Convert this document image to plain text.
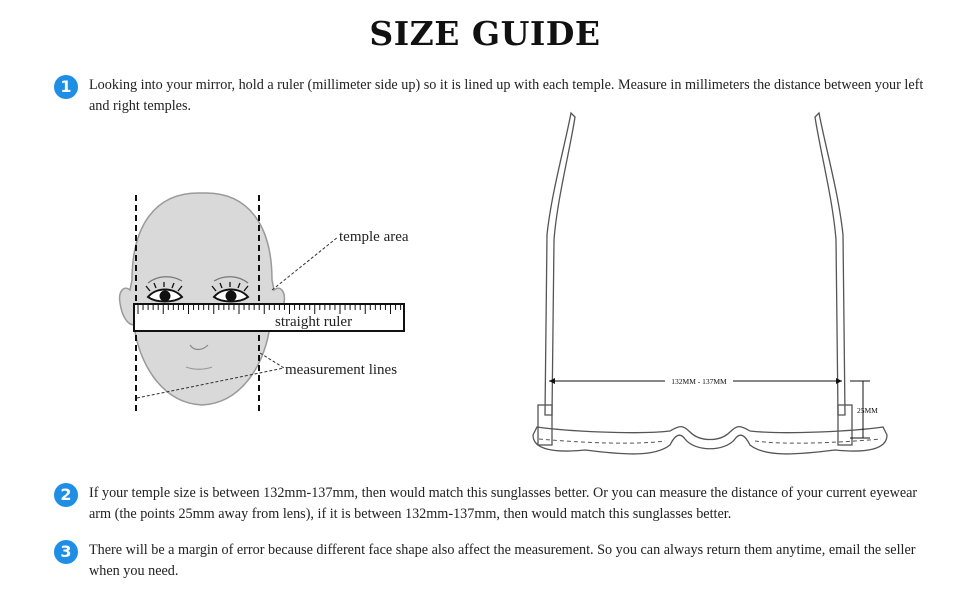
SIZE GUIDE
1	Looking into your mirror, hold a ruler (millimeter side up) so it is lined up with each temple. Measure in millimeters the distance between your left and right temples.
temple area
straight ruler
measurement lines
132MM - 137MM
25MM
2	If your temple size is between 132mm-137mm, then would match this sunglasses better. Or you can measure the distance of your current eyewear arm (the points 25mm away from lens), if it is between 132mm-137mm, then would match this sunglasses better.
3	There will be a margin of error because different face shape also affect the measurement. So you can always return them anytime, email the seller when you need.
